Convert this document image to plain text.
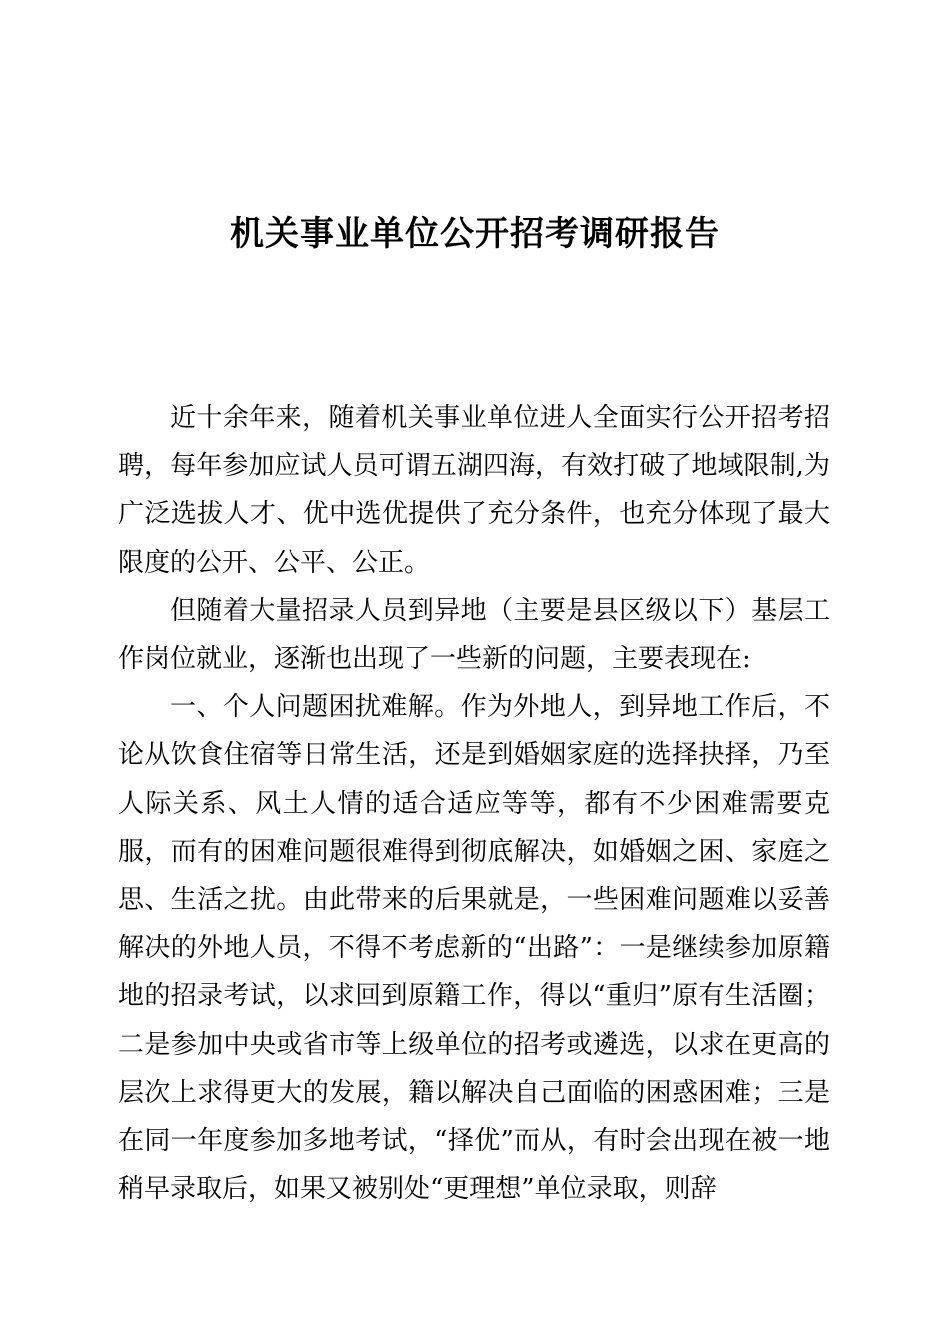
机关事业单位公开招考调研报告

近十余年来，随着机关事业单位进人全面实行公开招考招聘，每年参加应试人员可谓五湖四海，有效打破了地域限制,为广泛选拔人才、优中选优提供了充分条件，也充分体现了最大限度的公开、公平、公正。

但随着大量招录人员到异地（主要是县区级以下）基层工作岗位就业，逐渐也出现了一些新的问题，主要表现在:

一、个人问题困扰难解。作为外地人，到异地工作后，不论从饮食住宿等日常生活，还是到婚姻家庭的选择抉择，乃至人际关系、风土人情的适合适应等等，都有不少困难需要克服，而有的困难问题很难得到彻底解决，如婚姻之困、家庭之思、生活之扰。由此带来的后果就是，一些困难问题难以妥善解决的外地人员，不得不考虑新的“出路”：一是继续参加原籍地的招录考试，以求回到原籍工作，得以“重归”原有生活圈；二是参加中央或省市等上级单位的招考或遴选，以求在更高的层次上求得更大的发展，籍以解决自己面临的困惑困难；三是在同一年度参加多地考试，“择优”而从，有时会出现在被一地稍早录取后，如果又被别处“更理想”单位录取，则辞
